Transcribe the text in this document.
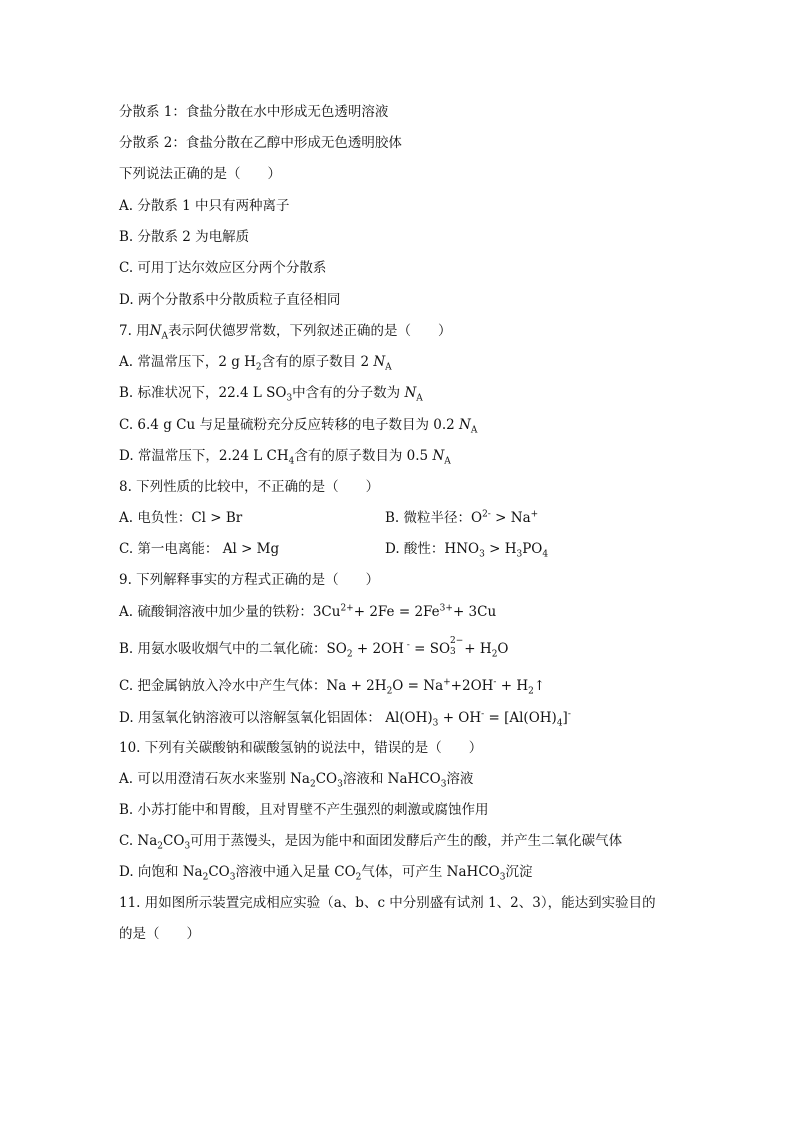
分散系 1：食盐分散在水中形成无色透明溶液
分散系 2：食盐分散在乙醇中形成无色透明胶体
下列说法正确的是（　　）
A. 分散系 1 中只有两种离子
B. 分散系 2 为电解质
C. 可用丁达尔效应区分两个分散系
D. 两个分散系中分散质粒子直径相同
7. 用$N_A$表示阿伏德罗常数，下列叙述正确的是（　　）
A. 常温常压下，2 g $H_2$含有的原子数目 2 $N_A$
B. 标准状况下，22.4 L $SO_3$中含有的分子数为 $N_A$
C. 6.4 g Cu 与足量硫粉充分反应转移的电子数目为 0.2 $N_A$
D. 常温常压下，2.24 L $CH_4$含有的原子数目为 0.5 $N_A$
8. 下列性质的比较中，不正确的是（　　）
A. 电负性：Cl > Br	B. 微粒半径：$O^{2-} > Na^+$
C. 第一电离能： Al > Mg	D. 酸性：$HNO_3 > H_3PO_4$
9. 下列解释事实的方程式正确的是（　　）
A. 硫酸铜溶液中加少量的铁粉：$3Cu^{2+}+ 2Fe = 2Fe^{3+}+ 3Cu$
B. 用氨水吸收烟气中的二氧化硫：$SO_2 + 2OH$ - = SO 2−
$3 + H_2O$
C. 把金属钠放入冷水中产生气体：$Na + 2H_2O = Na^++2OH^-$ + $H_2↑$
D. 用氢氧化钠溶液可以溶解氢氧化铝固体： $Al(OH)_3 + OH^- = [Al(OH)_4]^-$
10. 下列有关碳酸钠和碳酸氢钠的说法中，错误的是（　　）
A. 可以用澄清石灰水来鉴别 $Na_2CO_3$溶液和 NaHCO$_3$溶液
B. 小苏打能中和胃酸，且对胃壁不产生强烈的刺激或腐蚀作用
C. $Na_2CO_3$可用于蒸馒头，是因为能中和面团发酵后产生的酸，并产生二氧化碳气体
D. 向饱和 $Na_2CO_3$溶液中通入足量 $CO_2$气体，可产生 NaHCO$_3$沉淀
11. 用如图所示装置完成相应实验（a、b、c 中分别盛有试剂 1、2、3），能达到实验目的
的是（　　）
